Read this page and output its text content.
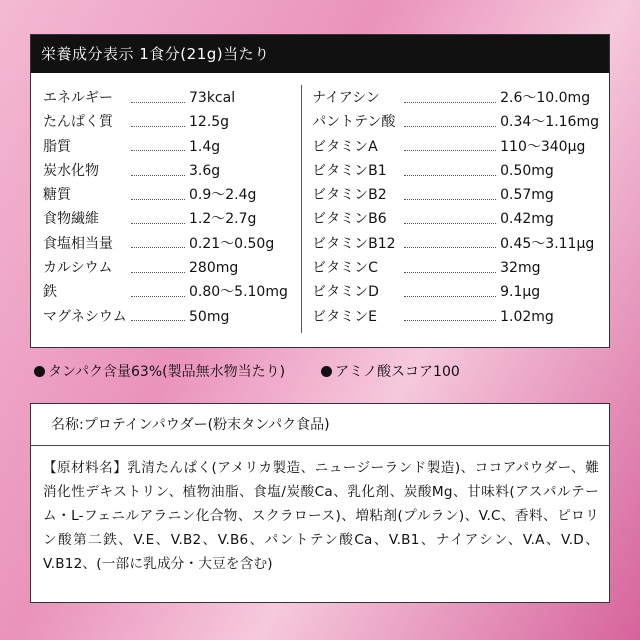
栄養成分表示 1食分(21g)当たり
エネルギー	73kcal
たんぱく質	12.5g
脂質	1.4g
炭水化物	3.6g
糖質	0.9〜2.4g
食物繊維	1.2〜2.7g
食塩相当量	0.21〜0.50g
カルシウム	280mg
鉄	0.80〜5.10mg
マグネシウム	50mg
ナイアシン	2.6〜10.0mg
パントテン酸	0.34〜1.16mg
ビタミンA	110〜340μg
ビタミンB1	0.50mg
ビタミンB2	0.57mg
ビタミンB6	0.42mg
ビタミンB12	0.45〜3.11μg
ビタミンC	32mg
ビタミンD	9.1μg
ビタミンE	1.02mg
タンパク含量63%(製品無水物当たり)	アミノ酸スコア100
名称:プロテインパウダー(粉末タンパク食品)
【原材料名】乳清たんぱく(アメリカ製造、ニュージーランド製造)、ココアパウダー、難消化性デキストリン、植物油脂、食塩/炭酸Ca、乳化剤、炭酸Mg、甘味料(アスパルテーム・L-フェニルアラニン化合物、スクラロース)、増粘剤(プルラン)、V.C、香料、ピロリン酸第二鉄、V.E、V.B2、V.B6、パントテン酸Ca、V.B1、ナイアシン、V.A、V.D、V.B12、(一部に乳成分・大豆を含む)
